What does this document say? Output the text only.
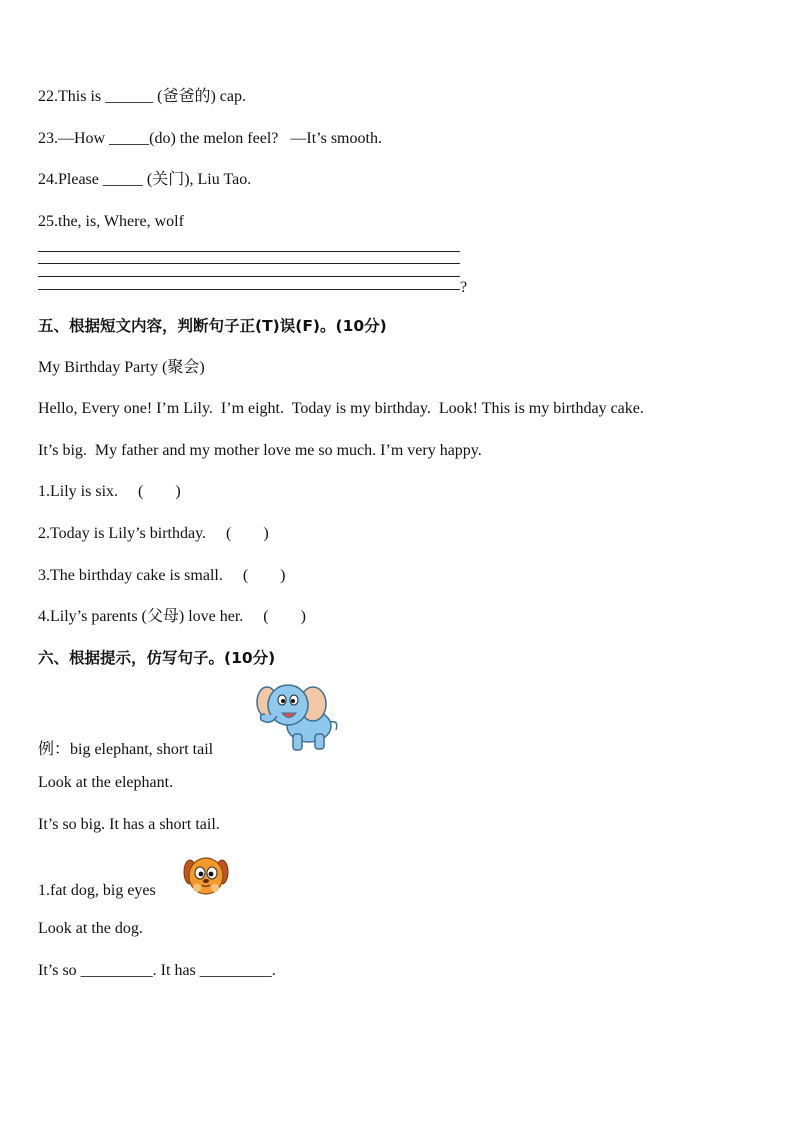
22.This is ______ (爸爸的) cap.
23.—How _____(do) the melon feel?   —It’s smooth.
24.Please _____ (关门), Liu Tao.
25.the, is, Where, wolf
?
五、根据短文内容，判断句子正(T)误(F)。(10分)
My Birthday Party (聚会)
Hello, Every one! I’m Lily.  I’m eight.  Today is my birthday.  Look! This is my birthday cake.
It’s big.  My father and my mother love me so much. I’m very happy.
1.Lily is six.     (        )
2.Today is Lily’s birthday.     (        )
3.The birthday cake is small.     (        )
4.Lily’s parents (父母) love her.     (        )
六、根据提示，仿写句子。(10分)
例：big elephant, short tail
Look at the elephant.
It’s so big. It has a short tail.
1.fat dog, big eyes
Look at the dog.
It’s so _________. It has _________.
